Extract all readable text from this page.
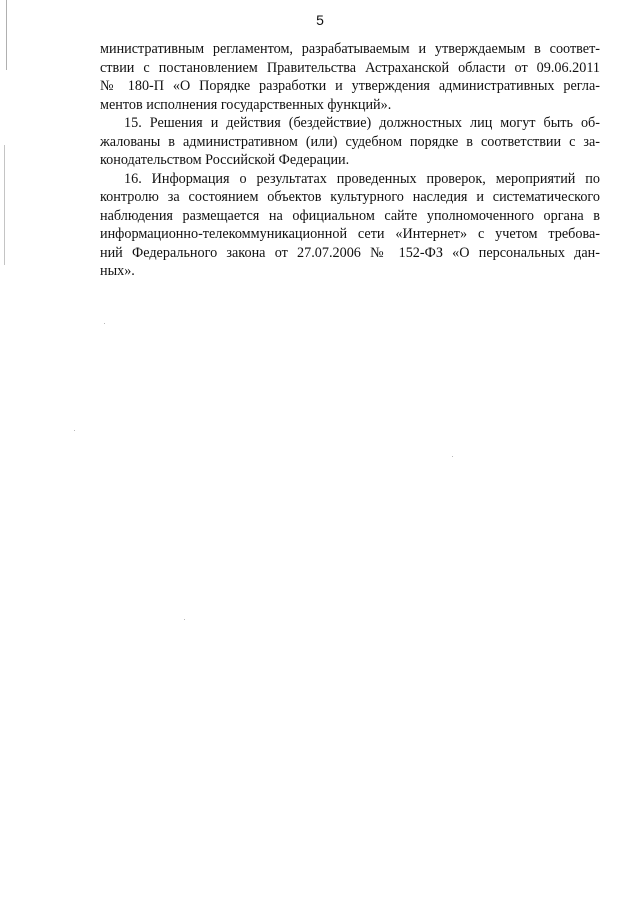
5

министративным регламентом, разрабатываемым и утверждаемым в соответ-
ствии с постановлением Правительства Астраханской области от 09.06.2011
№ 180-П «О Порядке разработки и утверждения административных регла-
ментов исполнения государственных функций».

15. Решения и действия (бездействие) должностных лиц могут быть об-
жалованы в административном (или) судебном порядке в соответствии с за-
конодательством Российской Федерации.

16. Информация о результатах проведенных проверок, мероприятий по
контролю за состоянием объектов культурного наследия и систематического
наблюдения размещается на официальном сайте уполномоченного органа в
информационно-телекоммуникационной сети «Интернет» с учетом требова-
ний Федерального закона от 27.07.2006 № 152-ФЗ «О персональных дан-
ных».
